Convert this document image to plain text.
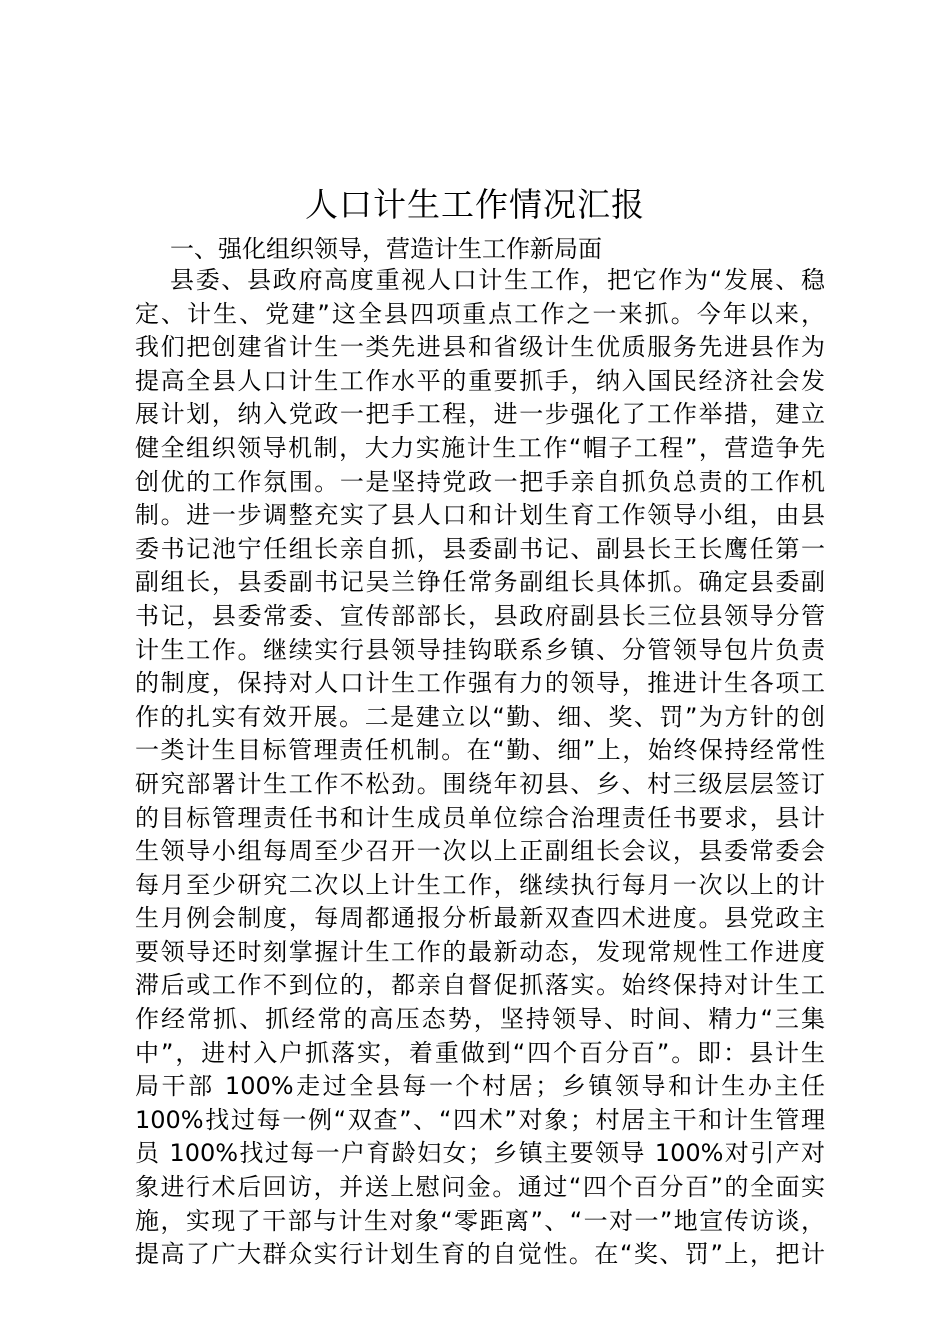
人口计生工作情况汇报

一、强化组织领导，营造计生工作新局面

县委、县政府高度重视人口计生工作，把它作为“发展、稳
定、计生、党建”这全县四项重点工作之一来抓。今年以来，
我们把创建省计生一类先进县和省级计生优质服务先进县作为
提高全县人口计生工作水平的重要抓手，纳入国民经济社会发
展计划，纳入党政一把手工程，进一步强化了工作举措，建立
健全组织领导机制，大力实施计生工作“帽子工程”，营造争先
创优的工作氛围。一是坚持党政一把手亲自抓负总责的工作机
制。进一步调整充实了县人口和计划生育工作领导小组，由县
委书记池宁任组长亲自抓，县委副书记、副县长王长鹰任第一
副组长，县委副书记吴兰铮任常务副组长具体抓。确定县委副
书记，县委常委、宣传部部长，县政府副县长三位县领导分管
计生工作。继续实行县领导挂钩联系乡镇、分管领导包片负责
的制度，保持对人口计生工作强有力的领导，推进计生各项工
作的扎实有效开展。二是建立以“勤、细、奖、罚”为方针的创
一类计生目标管理责任机制。在“勤、细”上，始终保持经常性
研究部署计生工作不松劲。围绕年初县、乡、村三级层层签订
的目标管理责任书和计生成员单位综合治理责任书要求，县计
生领导小组每周至少召开一次以上正副组长会议，县委常委会
每月至少研究二次以上计生工作，继续执行每月一次以上的计
生月例会制度，每周都通报分析最新双查四术进度。县党政主
要领导还时刻掌握计生工作的最新动态，发现常规性工作进度
滞后或工作不到位的，都亲自督促抓落实。始终保持对计生工
作经常抓、抓经常的高压态势，坚持领导、时间、精力“三集
中”，进村入户抓落实，着重做到“四个百分百”。即：县计生
局干部 100%走过全县每一个村居；乡镇领导和计生办主任
100%找过每一例“双查”、“四术”对象；村居主干和计生管理
员 100%找过每一户育龄妇女；乡镇主要领导 100%对引产对
象进行术后回访，并送上慰问金。通过“四个百分百”的全面实
施，实现了干部与计生对象“零距离”、“一对一”地宣传访谈，
提高了广大群众实行计划生育的自觉性。在“奖、罚”上，把计
